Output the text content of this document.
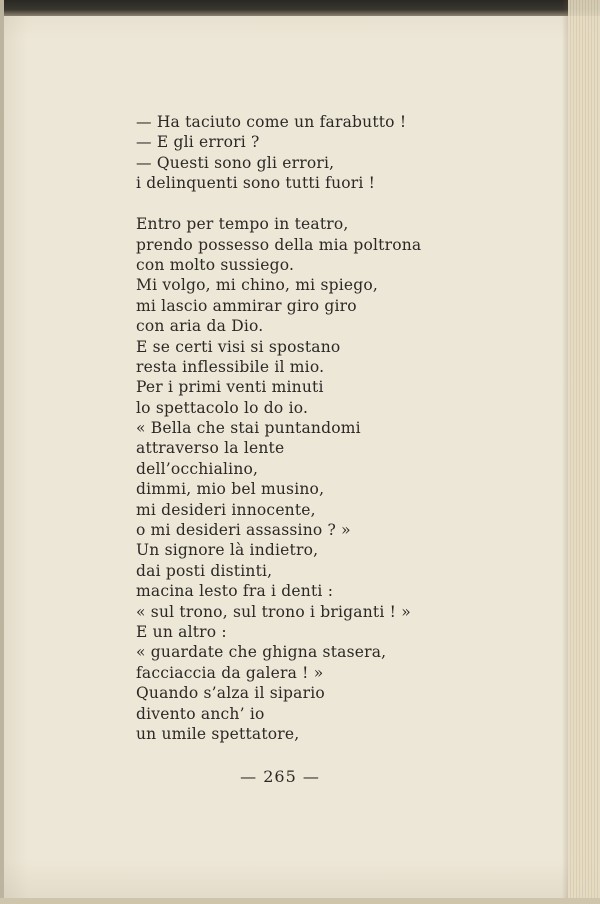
— Ha taciuto come un farabutto !
— E gli errori ?
— Questi sono gli errori,
i delinquenti sono tutti fuori !
Entro per tempo in teatro,
prendo possesso della mia poltrona
con molto sussiego.
Mi volgo, mi chino, mi spiego,
mi lascio ammirar giro giro
con aria da Dio.
E se certi visi si spostano
resta inflessibile il mio.
Per i primi venti minuti
lo spettacolo lo do io.
« Bella che stai puntandomi
attraverso la lente
dell’occhialino,
dimmi, mio bel musino,
mi desideri innocente,
o mi desideri assassino ? »
Un signore là indietro,
dai posti distinti,
macina lesto fra i denti :
« sul trono, sul trono i briganti ! »
E un altro :
« guardate che ghigna stasera,
facciaccia da galera ! »
Quando s’alza il sipario
divento anch’ io
un umile spettatore,
— 265 —
